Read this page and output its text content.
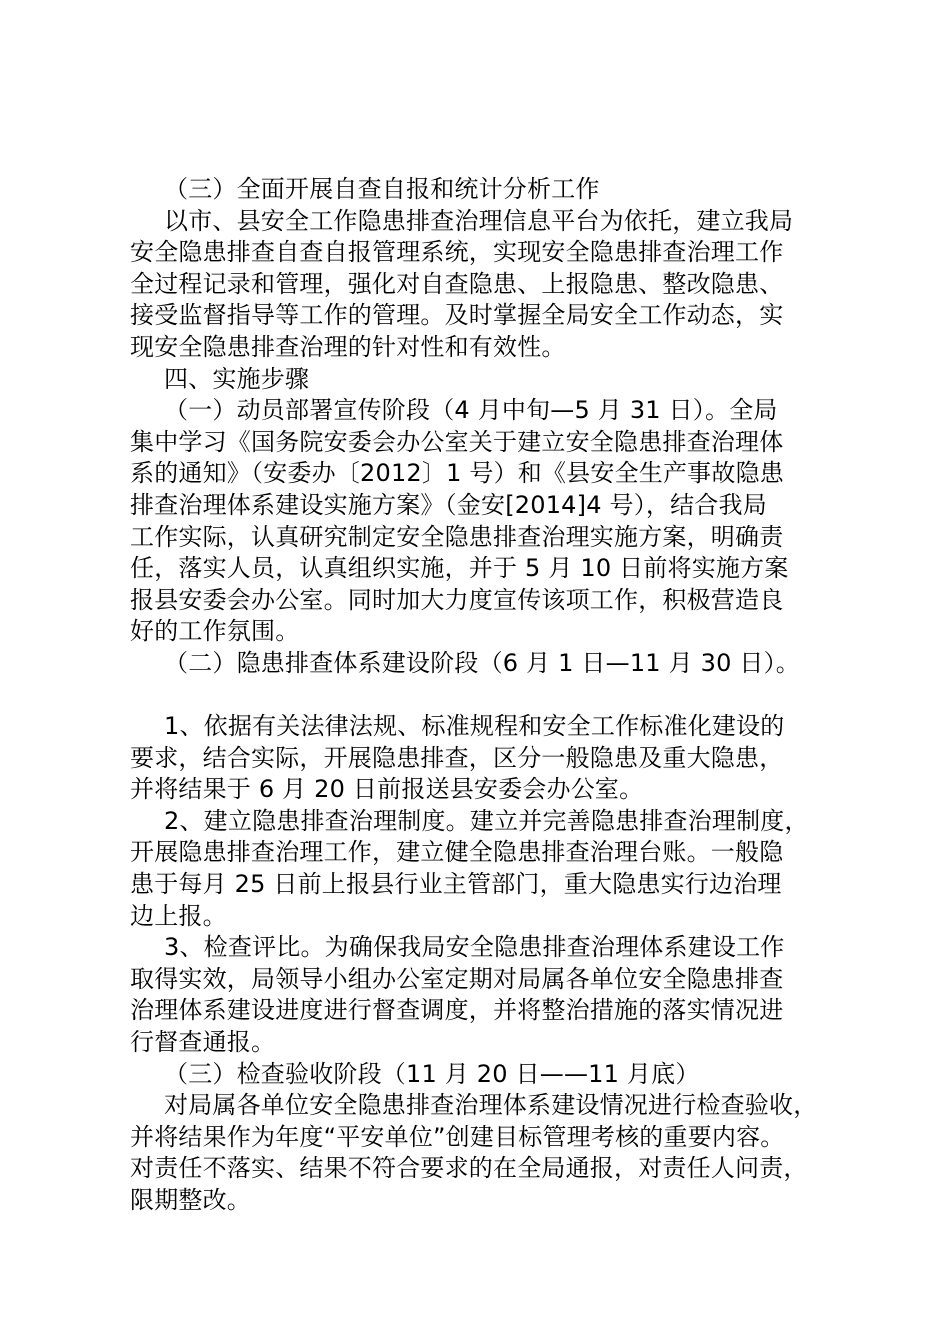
（三）全面开展自查自报和统计分析工作
以市、县安全工作隐患排查治理信息平台为依托，建立我局
安全隐患排查自查自报管理系统，实现安全隐患排查治理工作
全过程记录和管理，强化对自查隐患、上报隐患、整改隐患、
接受监督指导等工作的管理。及时掌握全局安全工作动态，实
现安全隐患排查治理的针对性和有效性。
四、实施步骤
（一）动员部署宣传阶段（4 月中旬—5 月 31 日）。全局
集中学习《国务院安委会办公室关于建立安全隐患排查治理体
系的通知》（安委办〔2012〕1 号）和《县安全生产事故隐患
排查治理体系建设实施方案》（金安[2014]4 号），结合我局
工作实际，认真研究制定安全隐患排查治理实施方案，明确责
任，落实人员，认真组织实施，并于 5 月 10 日前将实施方案
报县安委会办公室。同时加大力度宣传该项工作，积极营造良
好的工作氛围。
（二）隐患排查体系建设阶段（6 月 1 日—11 月 30 日）。
1、依据有关法律法规、标准规程和安全工作标准化建设的
要求，结合实际，开展隐患排查，区分一般隐患及重大隐患，
并将结果于 6 月 20 日前报送县安委会办公室。
2、建立隐患排查治理制度。建立并完善隐患排查治理制度，
开展隐患排查治理工作，建立健全隐患排查治理台账。一般隐
患于每月 25 日前上报县行业主管部门，重大隐患实行边治理
边上报。
3、检查评比。为确保我局安全隐患排查治理体系建设工作
取得实效，局领导小组办公室定期对局属各单位安全隐患排查
治理体系建设进度进行督查调度，并将整治措施的落实情况进
行督查通报。
（三）检查验收阶段（11 月 20 日——11 月底）
对局属各单位安全隐患排查治理体系建设情况进行检查验收，
并将结果作为年度“平安单位”创建目标管理考核的重要内容。
对责任不落实、结果不符合要求的在全局通报，对责任人问责，
限期整改。
